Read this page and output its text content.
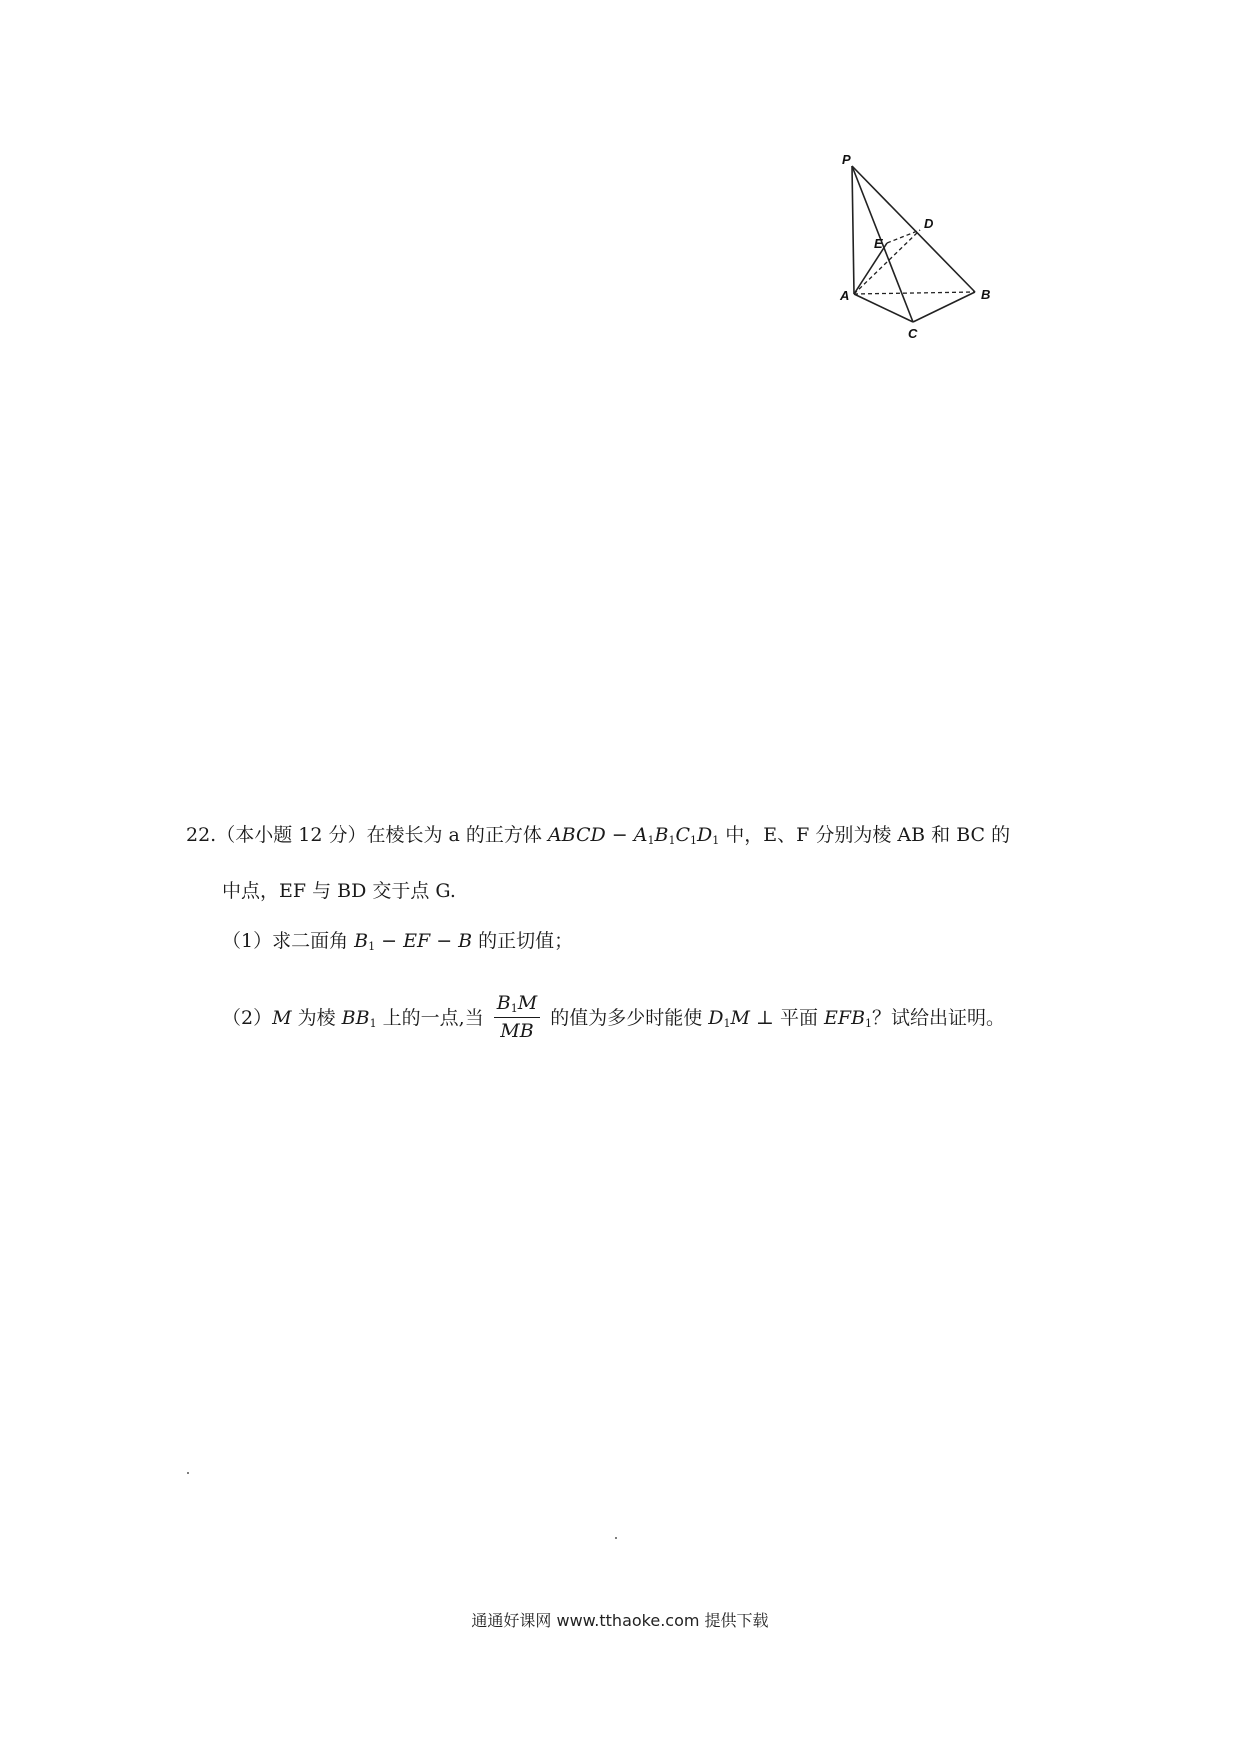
P
D
E
A	B
C
22.（本小题 12 分）在棱长为 a 的正方体 ABCD − $A_1B_1C_1D_1$ 中，E、F 分别为棱 AB 和 BC 的
中点，EF 与 BD 交于点 G.
（1）求二面角 $B_1$ − EF − B 的正切值；
（2）M 为棱 $BB_1$ 上的一点,当 $\frac{B_1M}{MB}$ 的值为多少时能使 $D_1M$ ⊥ 平面 $EFB_1$？试给出证明。
通通好课网 www.tthaoke.com 提供下载
